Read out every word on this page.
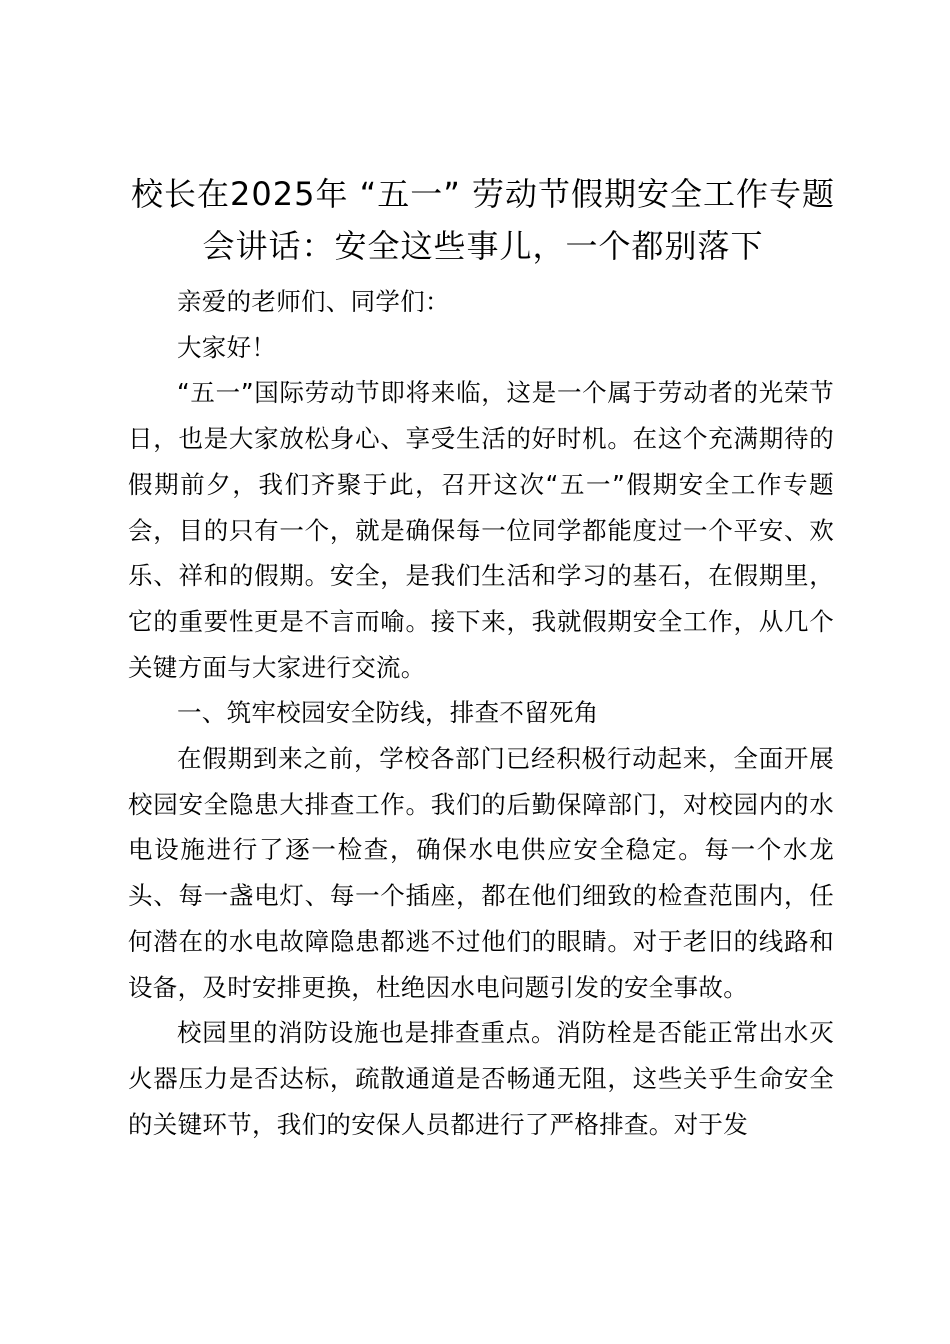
校长在2025年 “五一” 劳动节假期安全工作专题会讲话：安全这些事儿，一个都别落下

亲爱的老师们、同学们：

大家好！

“五一”国际劳动节即将来临，这是一个属于劳动者的光荣节日，也是大家放松身心、享受生活的好时机。在这个充满期待的假期前夕，我们齐聚于此，召开这次“五一”假期安全工作专题会，目的只有一个，就是确保每一位同学都能度过一个平安、欢乐、祥和的假期。安全，是我们生活和学习的基石，在假期里，它的重要性更是不言而喻。接下来，我就假期安全工作，从几个关键方面与大家进行交流。

一、筑牢校园安全防线，排查不留死角

在假期到来之前，学校各部门已经积极行动起来，全面开展校园安全隐患大排查工作。我们的后勤保障部门，对校园内的水电设施进行了逐一检查，确保水电供应安全稳定。每一个水龙头、每一盏电灯、每一个插座，都在他们细致的检查范围内，任何潜在的水电故障隐患都逃不过他们的眼睛。对于老旧的线路和设备，及时安排更换，杜绝因水电问题引发的安全事故。

校园里的消防设施也是排查重点。消防栓是否能正常出水灭火器压力是否达标，疏散通道是否畅通无阻，这些关乎生命安全的关键环节，我们的安保人员都进行了严格排查。对于发
